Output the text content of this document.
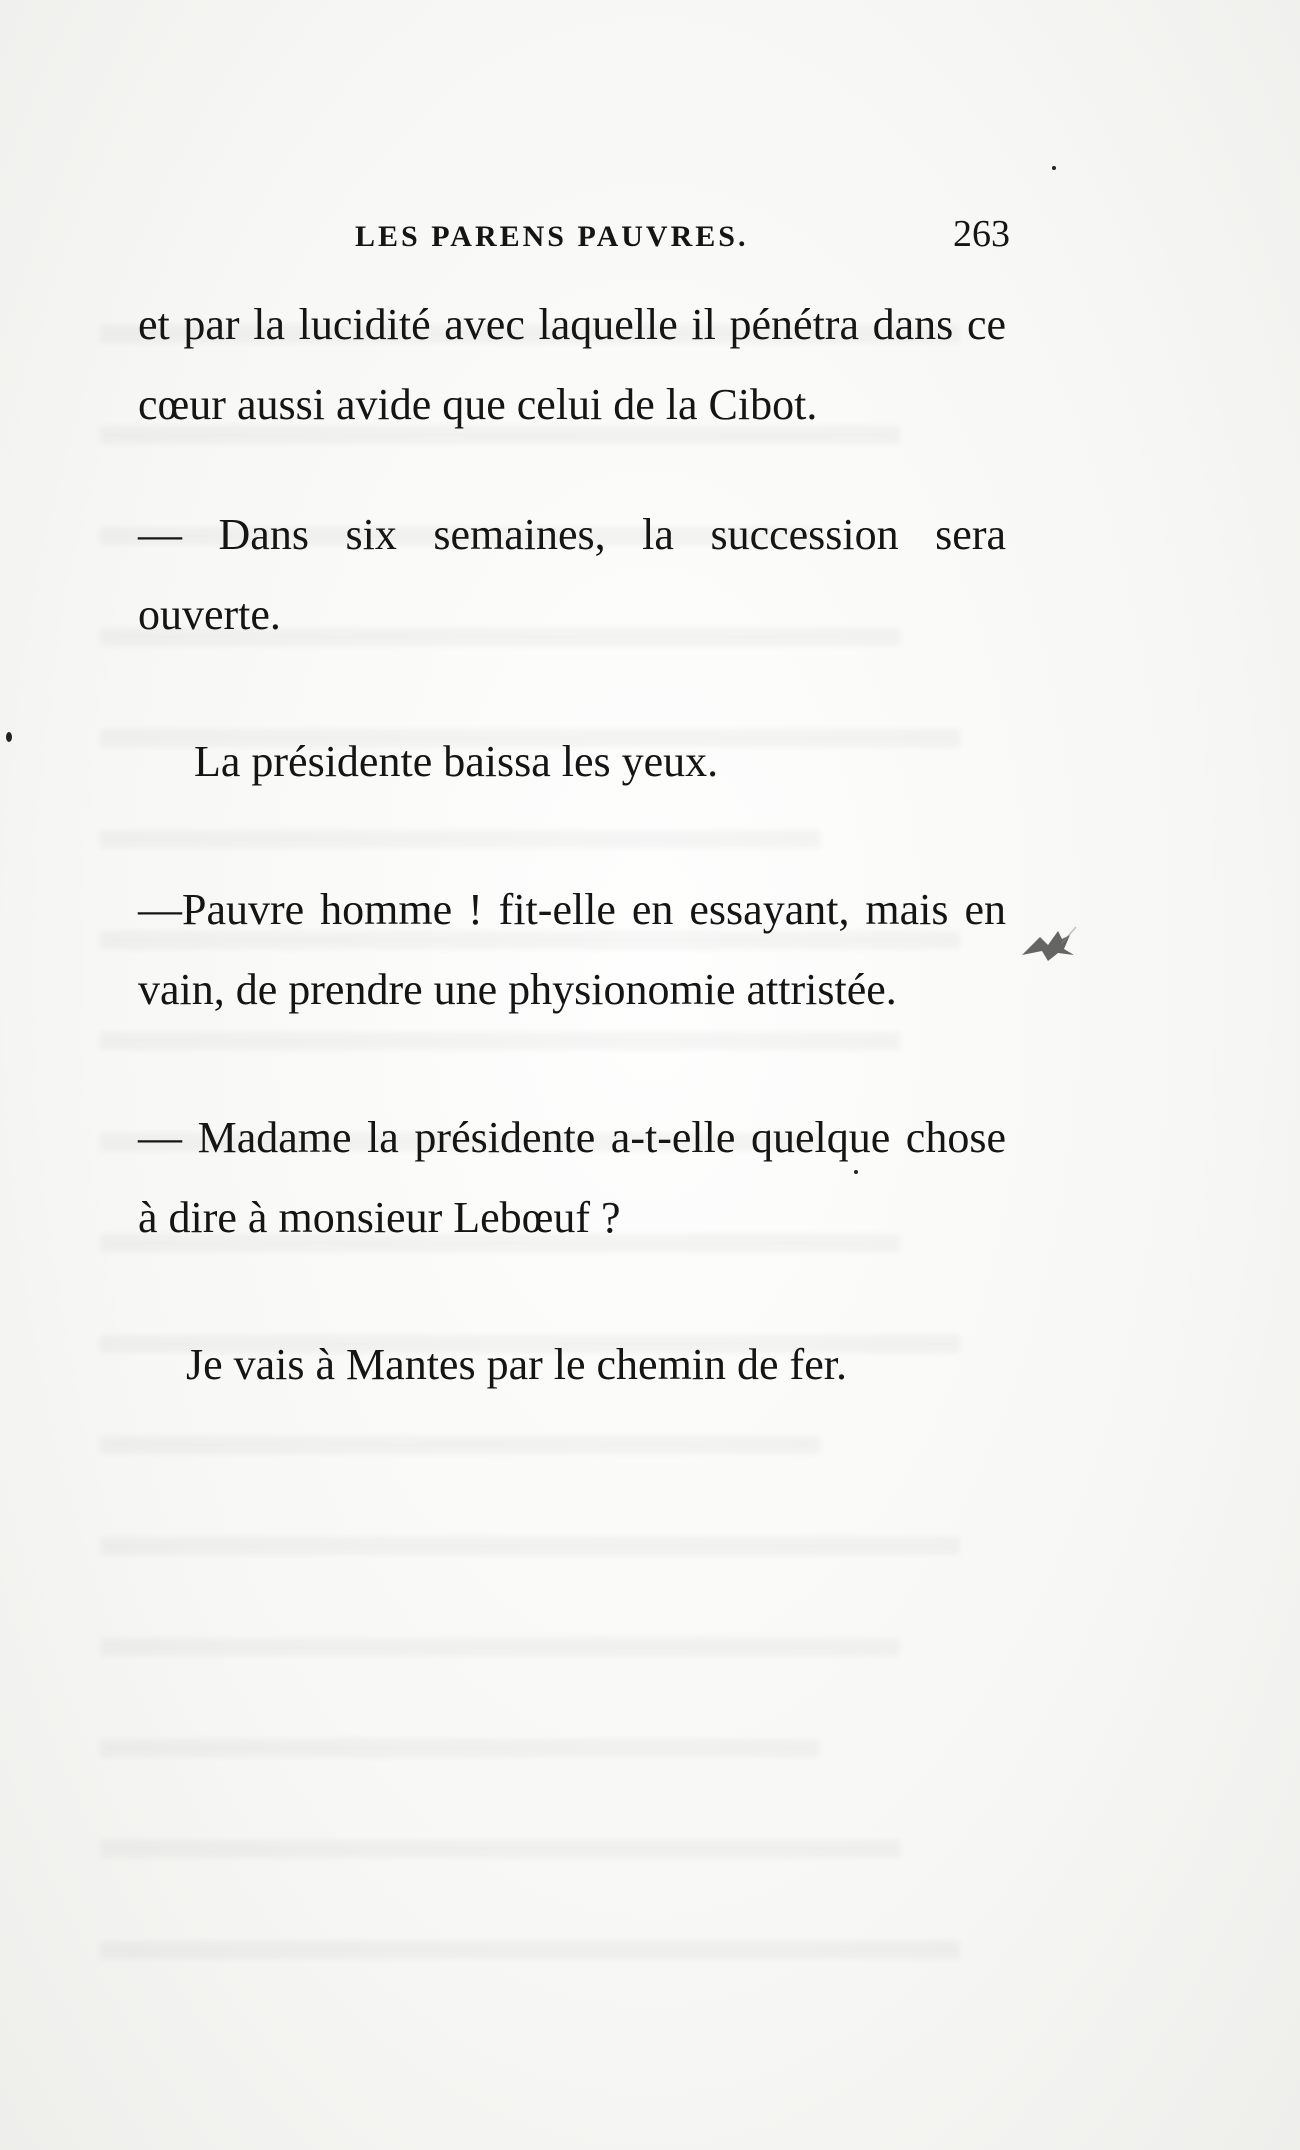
LES PARENS PAUVRES.	263

et par la lucidité avec laquelle il pénétra dans ce cœur aussi avide que celui de la Cibot.

— Dans six semaines, la succession sera ouverte.

La présidente baissa les yeux.

—Pauvre homme ! fit-elle en essayant, mais en vain, de prendre une physionomie attristée.

— Madame la présidente a-t-elle quelque chose à dire à monsieur Lebœuf ?

Je vais à Mantes par le chemin de fer.
